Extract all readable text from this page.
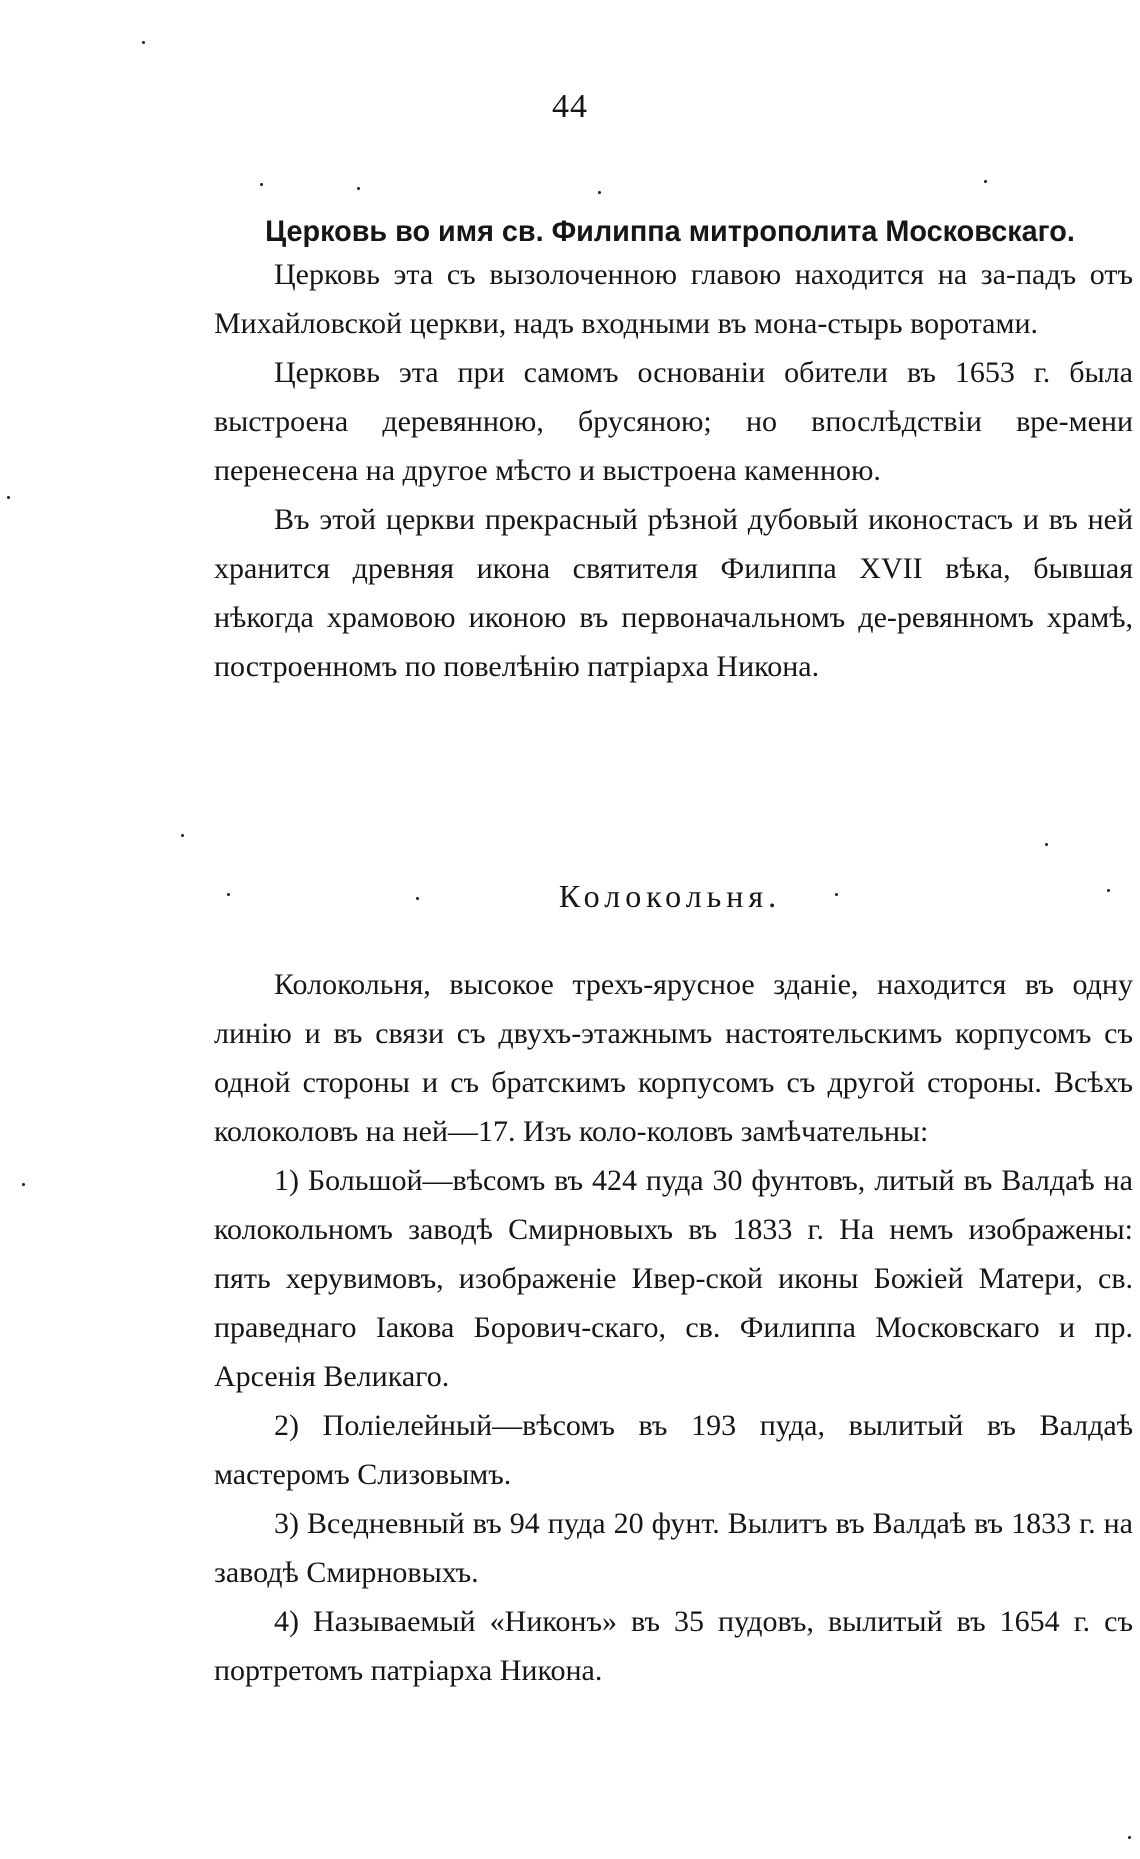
44
Церковь во имя св. Филиппа митрополита Московскаго.

Церковь эта съ вызолоченною главою находится на за-падъ отъ Михайловской церкви, надъ входными въ мона-стырь воротами.

Церковь эта при самомъ основаніи обители въ 1653 г. была выстроена деревянною, брусяною; но впослѣдствіи вре-мени перенесена на другое мѣсто и выстроена каменною.

Въ этой церкви прекрасный рѣзной дубовый иконостасъ и въ ней хранится древняя икона святителя Филиппа XVII вѣка, бывшая нѣкогда храмовою иконою въ первоначальномъ де-ревянномъ храмѣ, построенномъ по повелѣнію патріарха Никона.

Колокольня.

Колокольня, высокое трехъ-ярусное зданіе, находится въ одну линію и въ связи съ двухъ-этажнымъ настоятельскимъ корпусомъ съ одной стороны и съ братскимъ корпусомъ съ другой стороны. Всѣхъ колоколовъ на ней—17. Изъ коло-коловъ замѣчательны:

1) Большой—вѣсомъ въ 424 пуда 30 фунтовъ, литый въ Валдаѣ на колокольномъ заводѣ Смирновыхъ въ 1833 г. На немъ изображены: пять херувимовъ, изображеніе Ивер-ской иконы Божіей Матери, св. праведнаго Іакова Борович-скаго, св. Филиппа Московскаго и пр. Арсенія Великаго.

2) Поліелейный—вѣсомъ въ 193 пуда, вылитый въ Валдаѣ мастеромъ Слизовымъ.

3) Вседневный въ 94 пуда 20 фунт. Вылитъ въ Валдаѣ въ 1833 г. на заводѣ Смирновыхъ.

4) Называемый «Никонъ» въ 35 пудовъ, вылитый въ 1654 г. съ портретомъ патріарха Никона.
